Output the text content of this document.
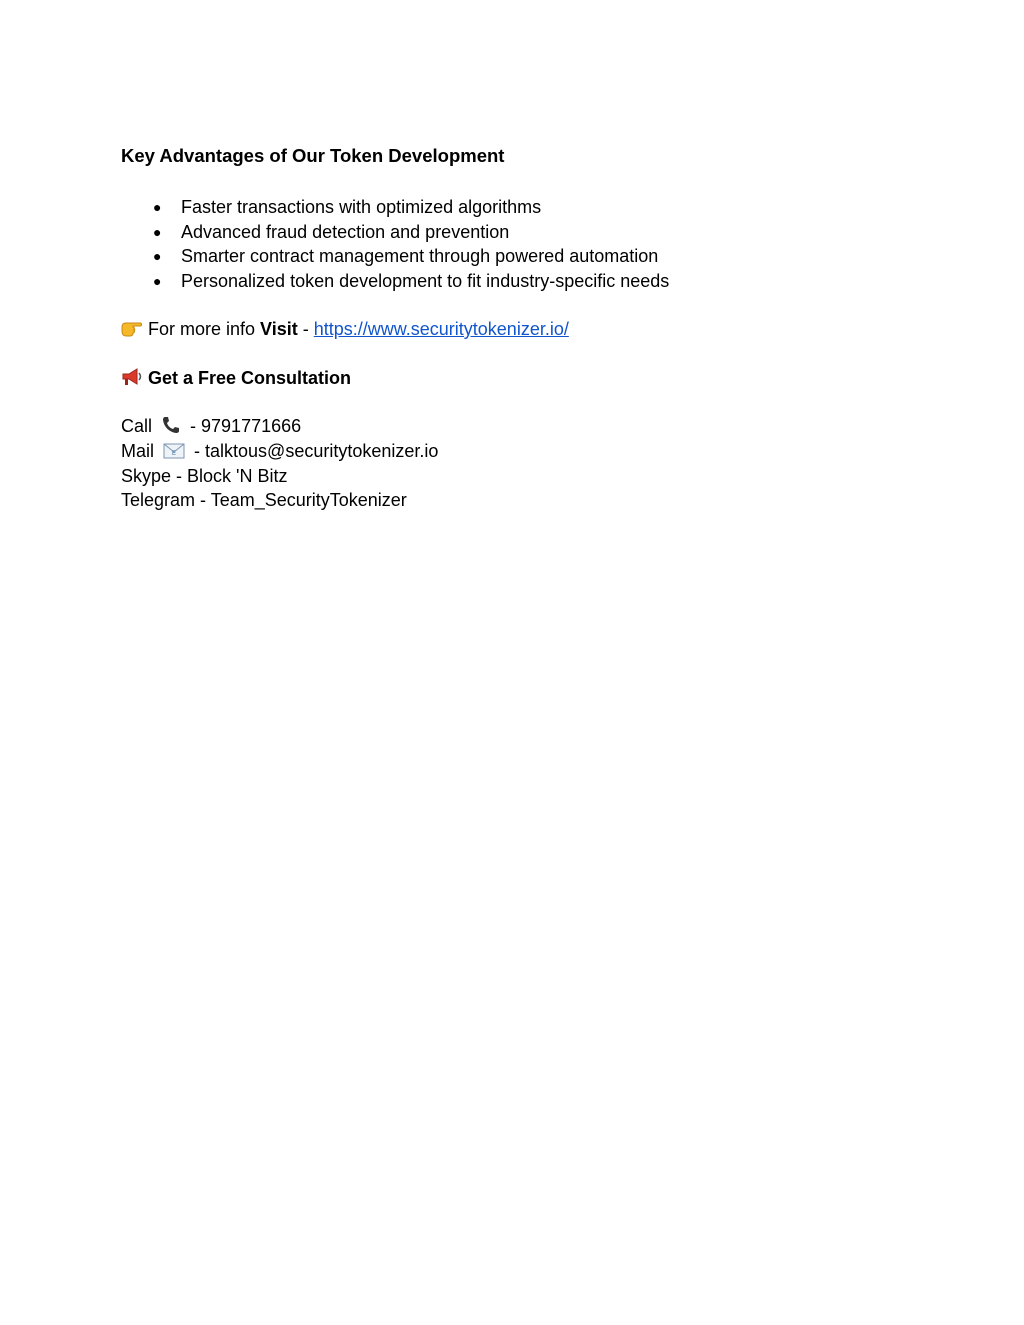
Key Advantages of Our Token Development
● Faster transactions with optimized algorithms
● Advanced fraud detection and prevention
● Smarter contract management through powered automation
● Personalized token development to fit industry-specific needs
For more info Visit - https://www.securitytokenizer.io/
Get a Free Consultation
Call  - 9791771666
Mail	E - talktous@securitytokenizer.io
Skype - Block 'N Bitz
Telegram - Team_SecurityTokenizer
